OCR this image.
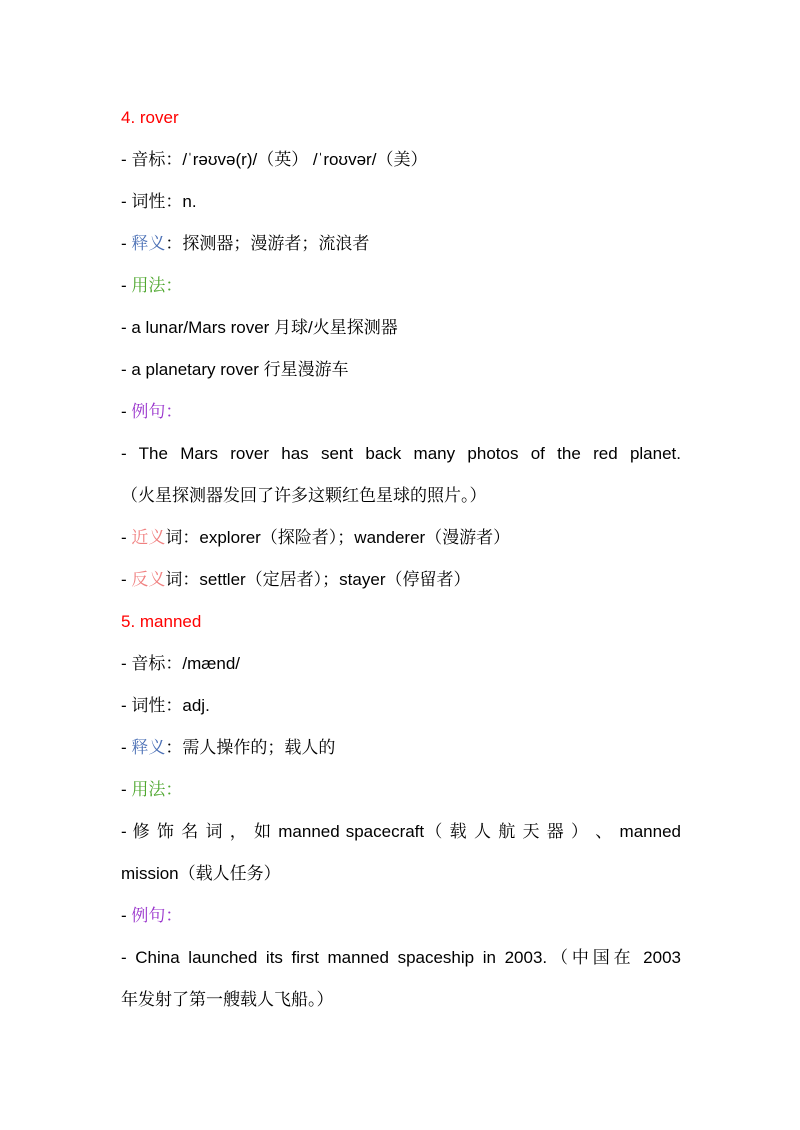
4. rover
- 音标：/ˈrəʊvə(r)/（英） /ˈroʊvər/（美）
- 词性：n.
- 释义：探测器；漫游者；流浪者
- 用法：
- a lunar/Mars rover 月球/火星探测器
- a planetary rover 行星漫游车
- 例句：
- The Mars rover has sent back many photos of the red planet.
（火星探测器发回了许多这颗红色星球的照片。）
- 近义词：explorer（探险者）；wanderer（漫游者）
- 反义词：settler（定居者）；stayer（停留者）
5. manned
- 音标：/mænd/
- 词性：adj.
- 释义：需人操作的；载人的
- 用法：
- 修 饰 名 词 ， 如 manned spacecraft（ 载 人 航 天 器 ） 、 manned
mission（载人任务）
- 例句：
- China launched its first manned spaceship in 2003.（中国在 2003
年发射了第一艘载人飞船。）
